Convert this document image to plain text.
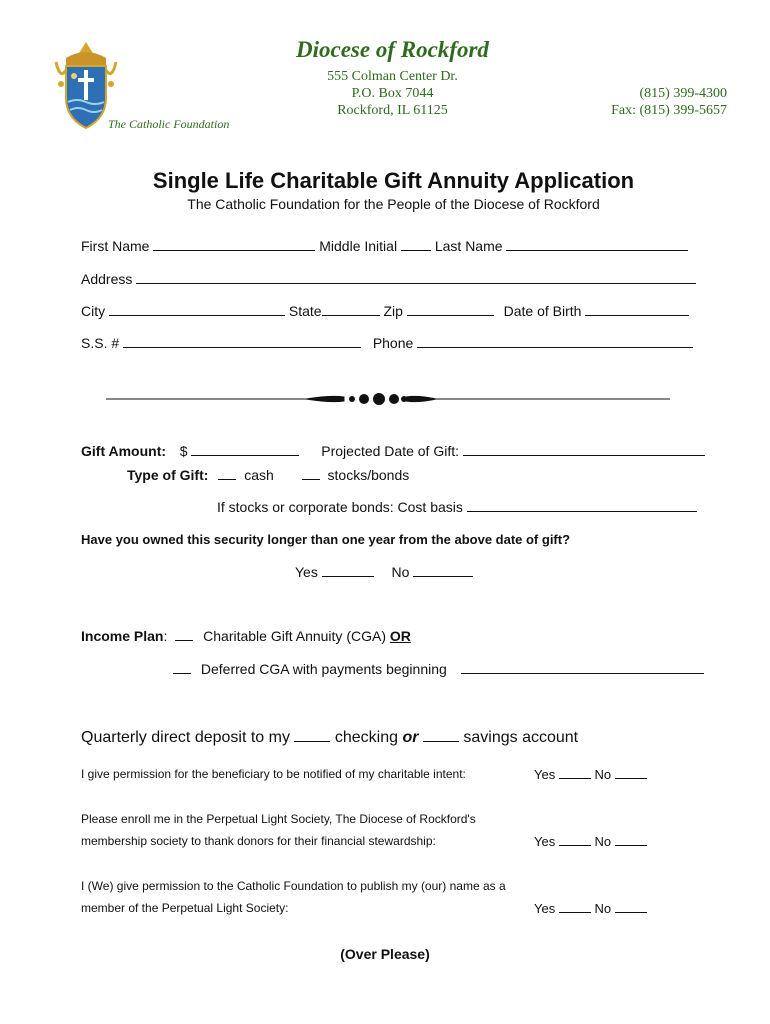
Diocese of Rockford
555 Colman Center Dr.
P.O. Box 7044
Rockford, IL 61125
(815) 399-4300
Fax: (815) 399-5657
The Catholic Foundation
Single Life Charitable Gift Annuity Application
The Catholic Foundation for the People of the Diocese of Rockford
First Name	Middle Initial	Last Name
Address
City	State	Zip	Date of Birth
S.S. #	Phone
Gift Amount: $	Projected Date of Gift:
Type of Gift:	cash	stocks/bonds
If stocks or corporate bonds: Cost basis
Have you owned this security longer than one year from the above date of gift?
Yes	No
Income Plan:	Charitable Gift Annuity (CGA) OR
Deferred CGA with payments beginning
Quarterly direct deposit to my	checking or	savings account
I give permission for the beneficiary to be notified of my charitable intent:	Yes	No
Please enroll me in the Perpetual Light Society, The Diocese of Rockford's
membership society to thank donors for their financial stewardship:	Yes	No
I (We) give permission to the Catholic Foundation to publish my (our) name as a
member of the Perpetual Light Society:	Yes	No
(Over Please)
